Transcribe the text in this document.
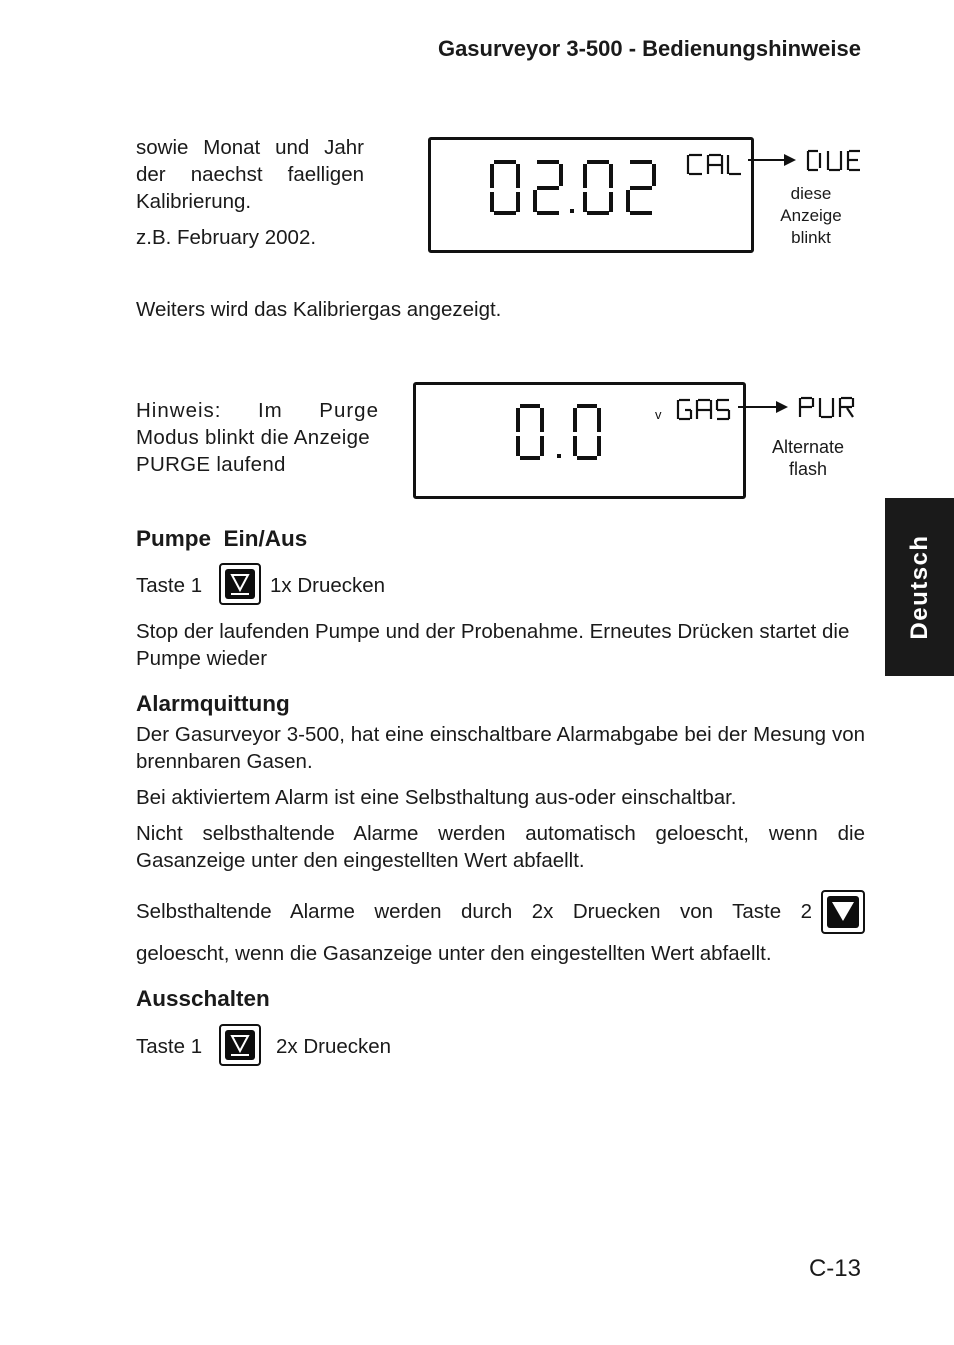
Gasurveyor 3-500 - Bedienungshinweise
sowie Monat und Jahr
der naechst faelligen
Kalibrierung.
z.B. February 2002.
diese
Anzeige
blinkt
Weiters wird das Kalibriergas angezeigt.
Hinweis: Im Purge
Modus blinkt die Anzeige
PURGE laufend
v
Alternate
flash
Pumpe  Ein/Aus
Taste 1	1x Druecken
Stop der laufenden Pumpe und der Probenahme. Erneutes Drücken startet die Pumpe wieder
Alarmquittung
Der Gasurveyor 3-500, hat eine einschaltbare Alarmabgabe bei der Mesung von brennbaren Gasen.
Bei aktiviertem Alarm ist eine Selbsthaltung aus-oder einschaltbar.
Nicht selbsthaltende Alarme werden automatisch geloescht, wenn die Gasanzeige unter den eingestellten Wert abfaellt.
Selbsthaltende Alarme werden durch 2x Druecken von Taste 2
geloescht, wenn die Gasanzeige unter den eingestellten Wert abfaellt.
Ausschalten
Taste 1	2x Druecken
Deutsch
C-13
